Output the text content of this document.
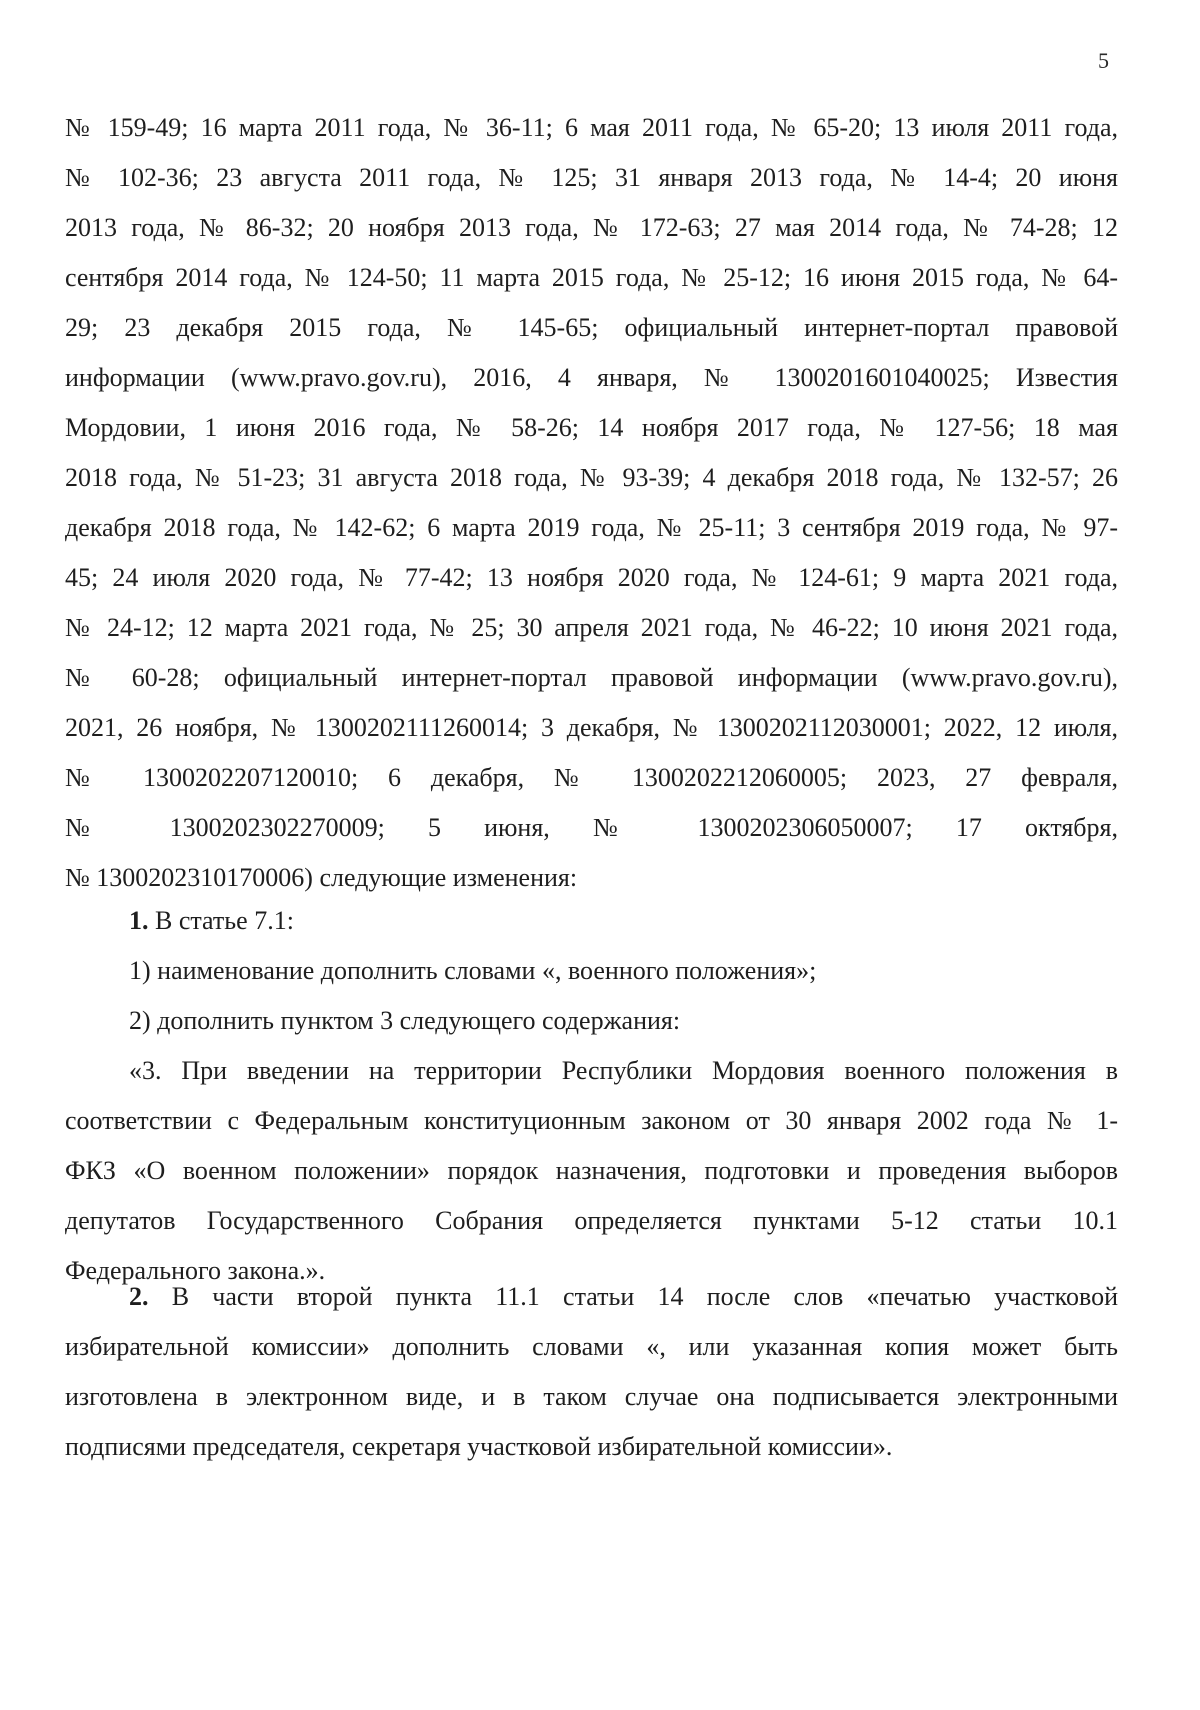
5
№ 159-49; 16 марта 2011 года, № 36-11; 6 мая 2011 года, № 65-20; 13 июля 2011 года,
№ 102-36; 23 августа 2011 года, № 125; 31 января 2013 года, № 14-4; 20 июня
2013 года, № 86-32; 20 ноября 2013 года, № 172-63; 27 мая 2014 года, № 74-28; 12
сентября 2014 года, № 124-50; 11 марта 2015 года, № 25-12; 16 июня 2015 года, № 64-
29; 23 декабря 2015 года, № 145-65; официальный интернет-портал правовой
информации (www.pravo.gov.ru), 2016, 4 января, № 1300201601040025; Известия
Мордовии, 1 июня 2016 года, № 58-26; 14 ноября 2017 года, № 127-56; 18 мая
2018 года, № 51-23; 31 августа 2018 года, № 93-39; 4 декабря 2018 года, № 132-57; 26
декабря 2018 года, № 142-62; 6 марта 2019 года, № 25-11; 3 сентября 2019 года, № 97-
45; 24 июля 2020 года, № 77-42; 13 ноября 2020 года, № 124-61; 9 марта 2021 года,
№ 24-12; 12 марта 2021 года, № 25; 30 апреля 2021 года, № 46-22; 10 июня 2021 года,
№ 60-28; официальный интернет-портал правовой информации (www.pravo.gov.ru),
2021, 26 ноября, № 1300202111260014; 3 декабря, № 1300202112030001; 2022, 12 июля,
№ 1300202207120010; 6 декабря, № 1300202212060005; 2023, 27 февраля,
№ 1300202302270009; 5 июня, № 1300202306050007; 17 октября,
№ 1300202310170006) следующие изменения:
1. В статье 7.1:
1) наименование дополнить словами «, военного положения»;
2) дополнить пунктом 3 следующего содержания:
«3. При введении на территории Республики Мордовия военного положения в
соответствии с Федеральным конституционным законом от 30 января 2002 года № 1-
ФКЗ «О военном положении» порядок назначения, подготовки и проведения выборов
депутатов Государственного Собрания определяется пунктами 5-12 статьи 10.1
Федерального закона.».
2. В части второй пункта 11.1 статьи 14 после слов «печатью участковой
избирательной комиссии» дополнить словами «, или указанная копия может быть
изготовлена в электронном виде, и в таком случае она подписывается электронными
подписями председателя, секретаря участковой избирательной комиссии».
